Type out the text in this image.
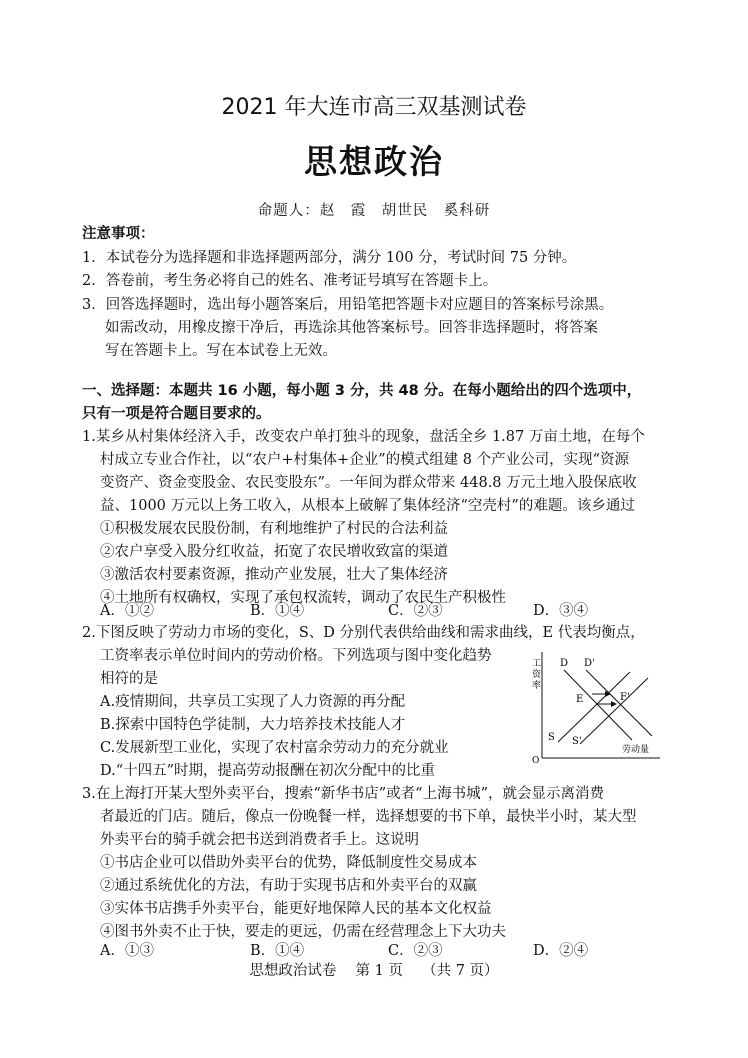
2021 年大连市高三双基测试卷
思想政治
命题人：赵　霞　胡世民　奚科研
注意事项：
1．本试卷分为选择题和非选择题两部分，满分 100 分，考试时间 75 分钟。
2．答卷前，考生务必将自己的姓名、准考证号填写在答题卡上。
3．回答选择题时，选出每小题答案后，用铅笔把答题卡对应题目的答案标号涂黑。
如需改动，用橡皮擦干净后，再选涂其他答案标号。回答非选择题时，将答案
写在答题卡上。写在本试卷上无效。
一、选择题：本题共 16 小题，每小题 3 分，共 48 分。在每小题给出的四个选项中，
只有一项是符合题目要求的。
1.某乡从村集体经济入手，改变农户单打独斗的现象，盘活全乡 1.87 万亩土地，在每个
村成立专业合作社，以“农户+村集体+企业”的模式组建 8 个产业公司，实现“资源
变资产、资金变股金、农民变股东”。一年间为群众带来 448.8 万元土地入股保底收
益、1000 万元以上务工收入，从根本上破解了集体经济“空壳村”的难题。该乡通过
①积极发展农民股份制，有利地维护了村民的合法利益
②农户享受入股分红收益，拓宽了农民增收致富的渠道
③激活农村要素资源，推动产业发展，壮大了集体经济
④土地所有权确权，实现了承包权流转，调动了农民生产积极性
A．①②	B．①④	C．②③	D．③④
2.下图反映了劳动力市场的变化，S、D 分别代表供给曲线和需求曲线，E 代表均衡点，
工资率表示单位时间内的劳动价格。下列选项与图中变化趋势
相符的是
A.疫情期间，共享员工实现了人力资源的再分配
B.探索中国特色学徒制，大力培养技术技能人才
C.发展新型工业化，实现了农村富余劳动力的充分就业
D.“十四五”时期，提高劳动报酬在初次分配中的比重
工
资
率
O
劳动量
D D'
E	F'
S S'
3.在上海打开某大型外卖平台，搜索“新华书店”或者“上海书城”，就会显示离消费
者最近的门店。随后，像点一份晚餐一样，选择想要的书下单，最快半小时，某大型
外卖平台的骑手就会把书送到消费者手上。这说明
①书店企业可以借助外卖平台的优势，降低制度性交易成本
②通过系统优化的方法，有助于实现书店和外卖平台的双赢
③实体书店携手外卖平台，能更好地保障人民的基本文化权益
④图书外卖不止于快，要走的更远，仍需在经营理念上下大功夫
A．①③	B．①④	C．②③	D．②④
思想政治试卷　 第 1 页　 （共 7 页）
